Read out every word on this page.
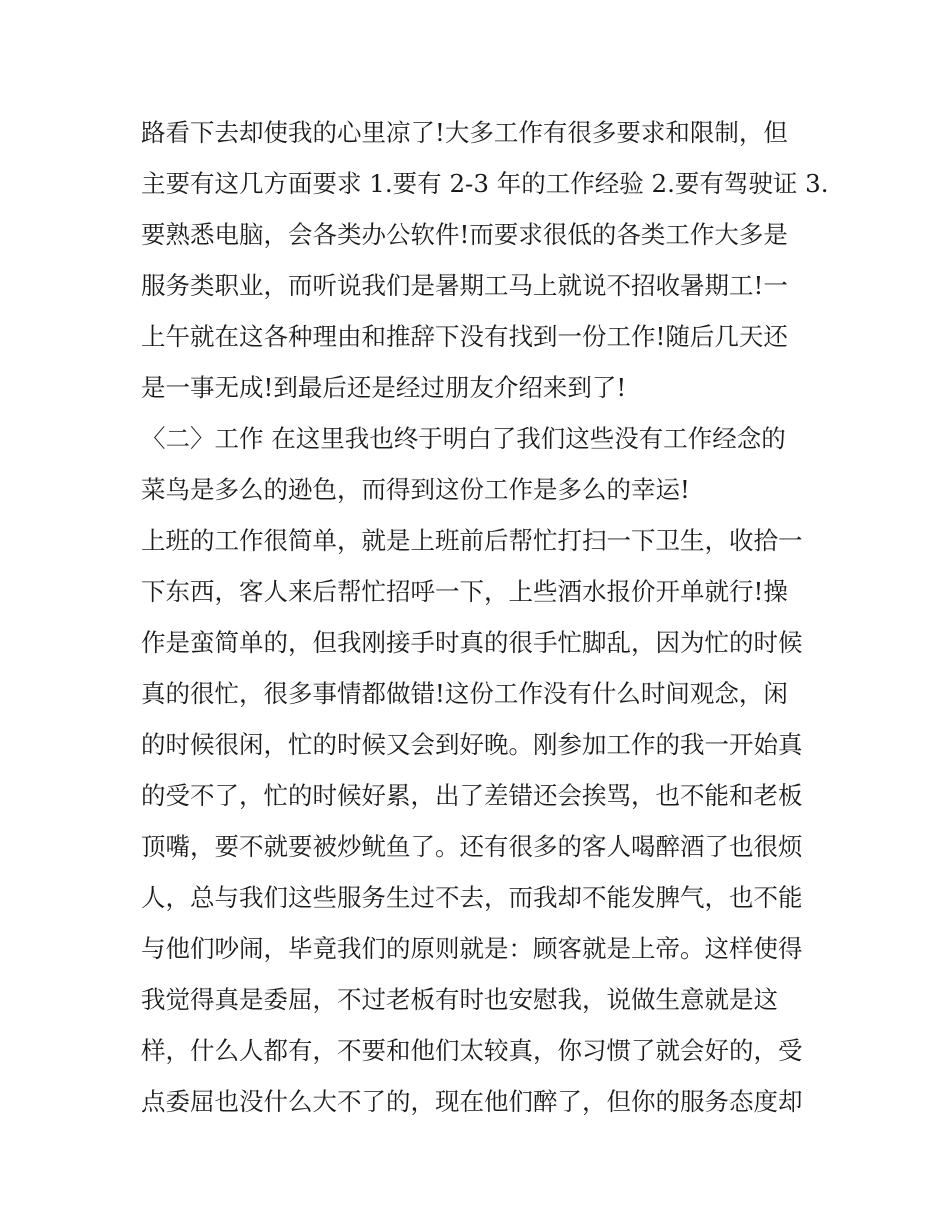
路看下去却使我的心里凉了!大多工作有很多要求和限制，但
主要有这几方面要求 1.要有 2-3 年的工作经验 2.要有驾驶证 3.
要熟悉电脑，会各类办公软件!而要求很低的各类工作大多是
服务类职业，而听说我们是暑期工马上就说不招收暑期工!一
上午就在这各种理由和推辞下没有找到一份工作!随后几天还
是一事无成!到最后还是经过朋友介绍来到了!
〈二〉工作 在这里我也终于明白了我们这些没有工作经念的
菜鸟是多么的逊色，而得到这份工作是多么的幸运!
上班的工作很简单，就是上班前后帮忙打扫一下卫生，收拾一
下东西，客人来后帮忙招呼一下，上些酒水报价开单就行!操
作是蛮简单的，但我刚接手时真的很手忙脚乱，因为忙的时候
真的很忙，很多事情都做错!这份工作没有什么时间观念，闲
的时候很闲，忙的时候又会到好晚。刚参加工作的我一开始真
的受不了，忙的时候好累，出了差错还会挨骂，也不能和老板
顶嘴，要不就要被炒鱿鱼了。还有很多的客人喝醉酒了也很烦
人，总与我们这些服务生过不去，而我却不能发脾气，也不能
与他们吵闹，毕竟我们的原则就是：顾客就是上帝。这样使得
我觉得真是委屈，不过老板有时也安慰我，说做生意就是这
样，什么人都有，不要和他们太较真，你习惯了就会好的，受
点委屈也没什么大不了的，现在他们醉了，但你的服务态度却
